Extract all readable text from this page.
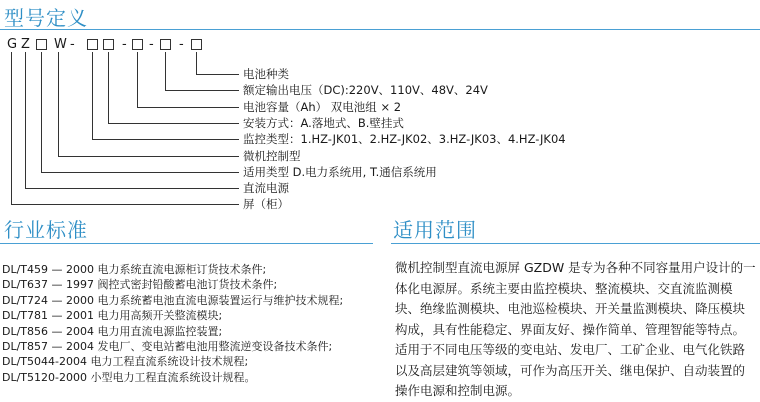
型号定义
G Z W -	- - -
电池种类
额定输出电压（DC):220V、110V、48V、24V
电池容量（Ah） 双电池组 × 2
安装方式：A.落地式、B.壁挂式
监控类型：1.HZ-JK01、2.HZ-JK02、3.HZ-JK03、4.HZ-JK04
微机控制型
适用类型 D.电力系统用, T.通信系统用
直流电源
屏（柜）
行业标准
DL/T459 — 2000 电力系统直流电源柜订货技术条件;
DL/T637 — 1997 阀控式密封铅酸蓄电池订货技术条件;
DL/T724 — 2000 电力系统蓄电池直流电源装置运行与维护技术规程;
DL/T781 — 2001 电力用高频开关整流模块;
DL/T856 — 2004 电力用直流电源监控装置;
DL/T857 — 2004 发电厂、变电站蓄电池用整流逆变设备技术条件;
DL/T5044-2004 电力工程直流系统设计技术规程;
DL/T5120-2000 小型电力工程直流系统设计规程。
适用范围

微机控制型直流电源屏 GZDW 是专为各种不同容量用户设计的一体化电源屏。系统主要由监控模块、整流模块、交直流监测模块、绝缘监测模块、电池巡检模块、开关量监测模块、降压模块构成，具有性能稳定、界面友好、操作简单、管理智能等特点。

适用于不同电压等级的变电站、发电厂、工矿企业、电气化铁路以及高层建筑等领域，可作为高压开关、继电保护、自动装置的操作电源和控制电源。
